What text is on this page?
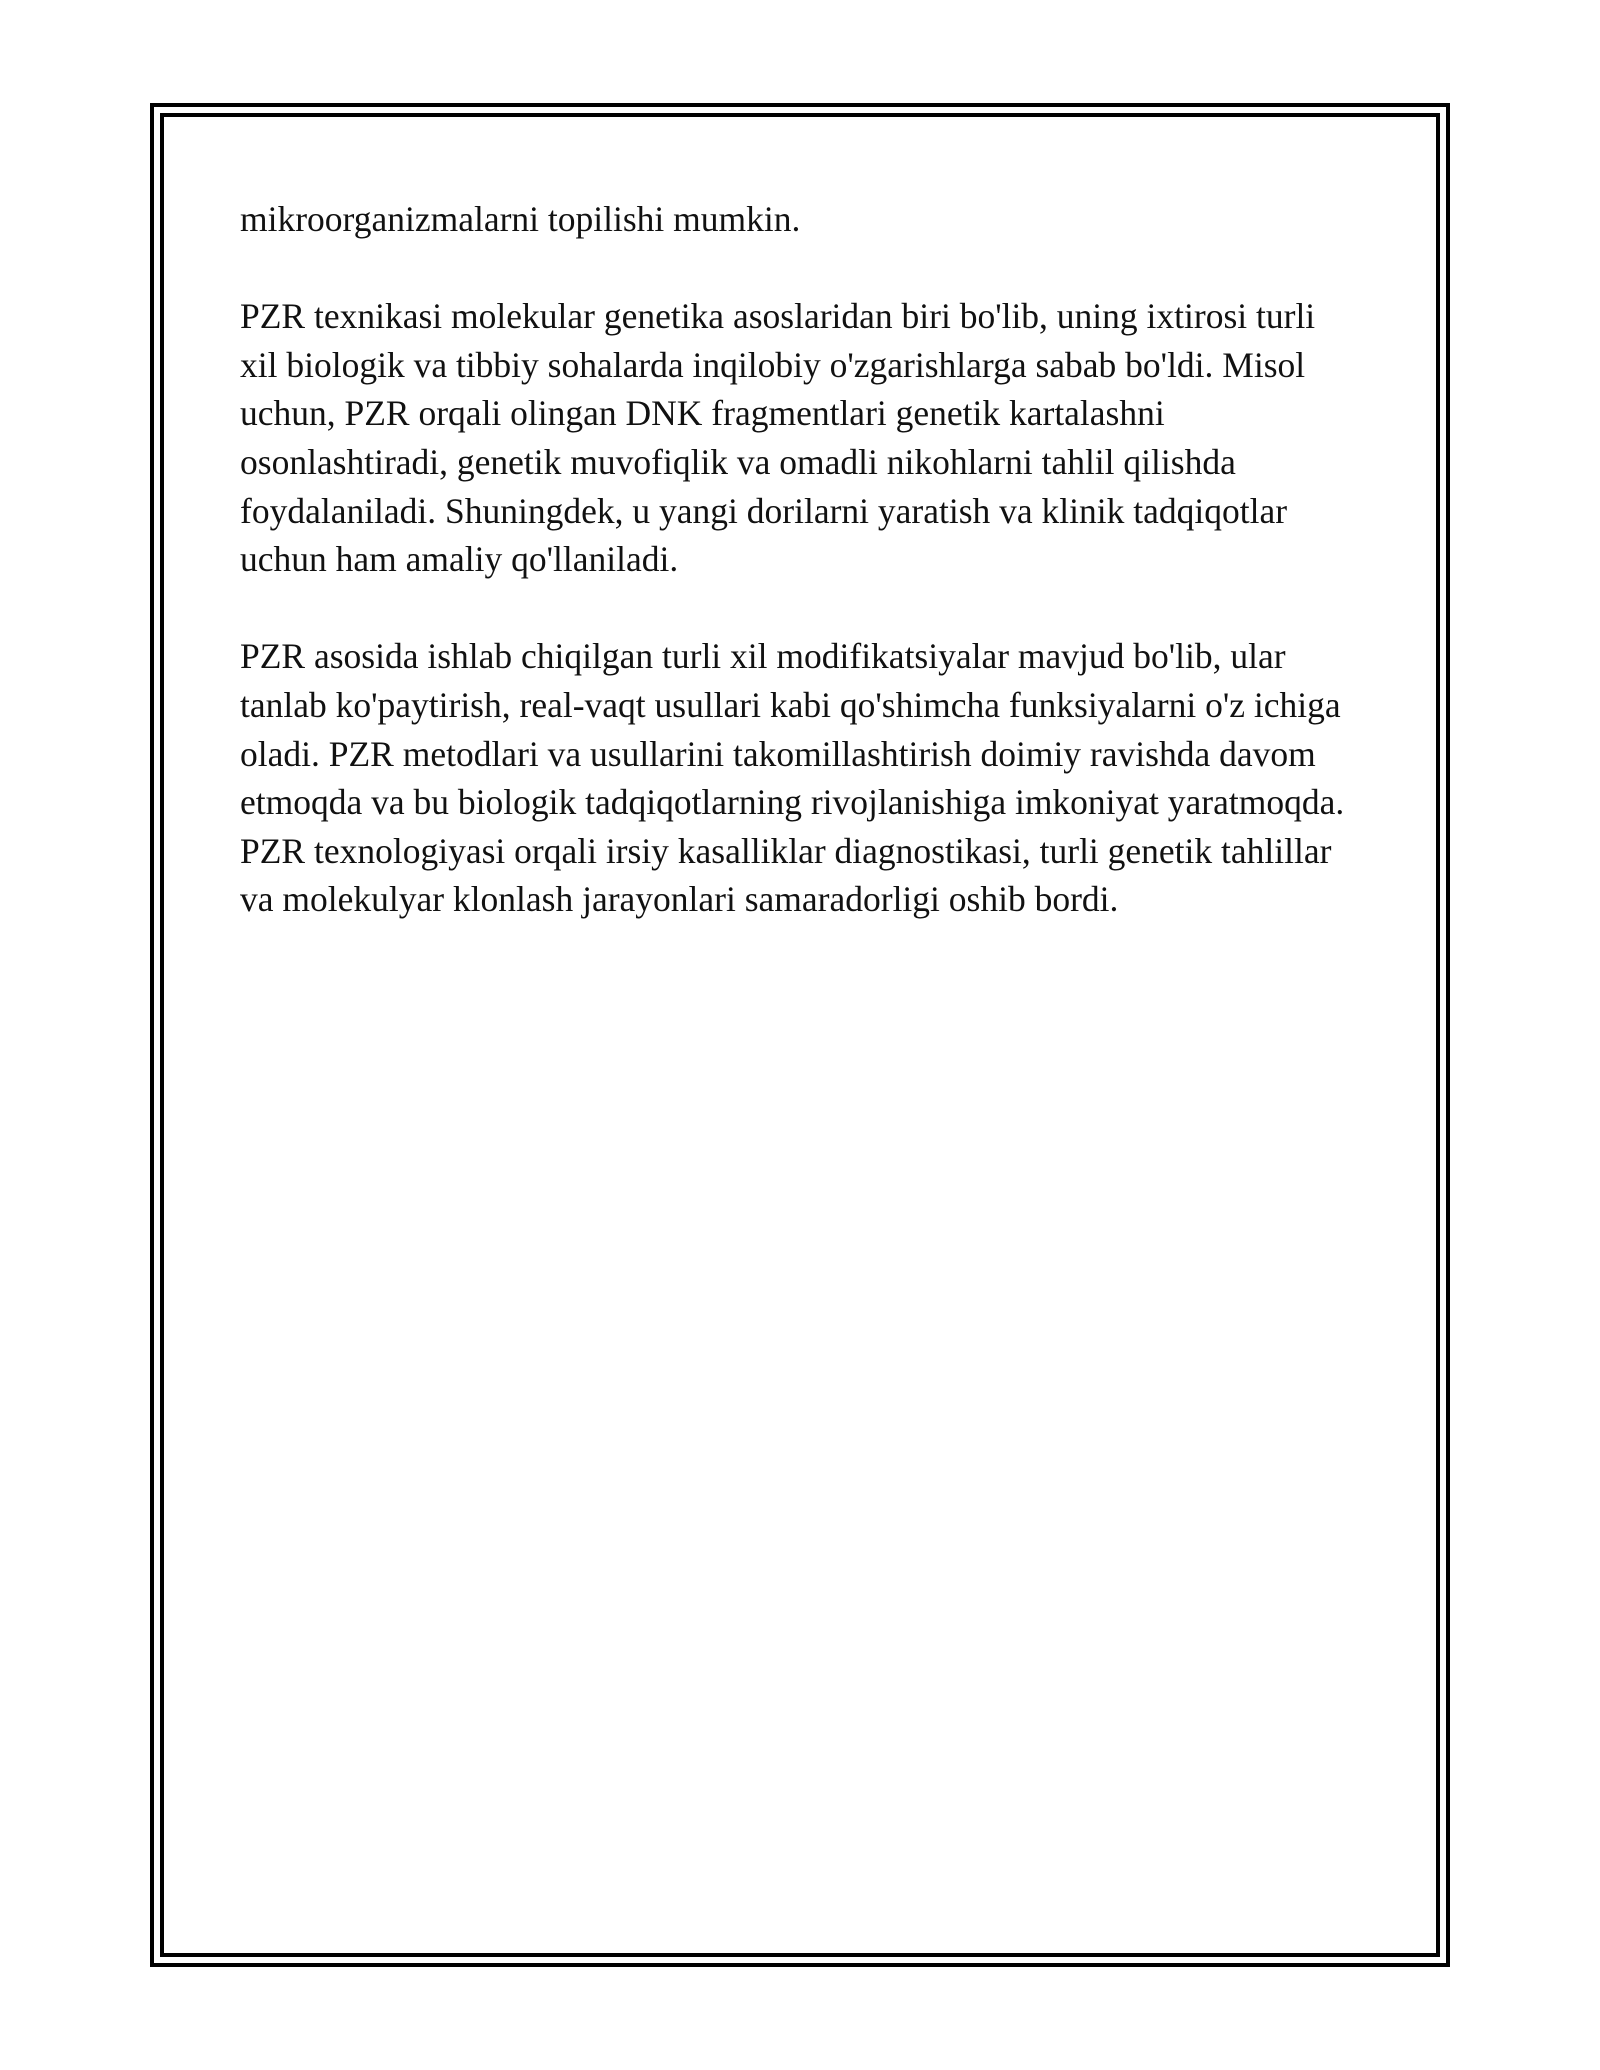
mikroorganizmalarni topilishi mumkin.

PZR texnikasi molekular genetika asoslaridan biri bo'lib, uning ixtirosi turli xil biologik va tibbiy sohalarda inqilobiy o'zgarishlarga sabab bo'ldi. Misol uchun, PZR orqali olingan DNK fragmentlari genetik kartalashni osonlashtiradi, genetik muvofiqlik va omadli nikohlarni tahlil qilishda foydalaniladi. Shuningdek, u yangi dorilarni yaratish va klinik tadqiqotlar uchun ham amaliy qo'llaniladi.

PZR asosida ishlab chiqilgan turli xil modifikatsiyalar mavjud bo'lib, ular tanlab ko'paytirish, real-vaqt usullari kabi qo'shimcha funksiyalarni o'z ichiga oladi. PZR metodlari va usullarini takomillashtirish doimiy ravishda davom etmoqda va bu biologik tadqiqotlarning rivojlanishiga imkoniyat yaratmoqda. PZR texnologiyasi orqali irsiy kasalliklar diagnostikasi, turli genetik tahlillar va molekulyar klonlash jarayonlari samaradorligi oshib bordi.
